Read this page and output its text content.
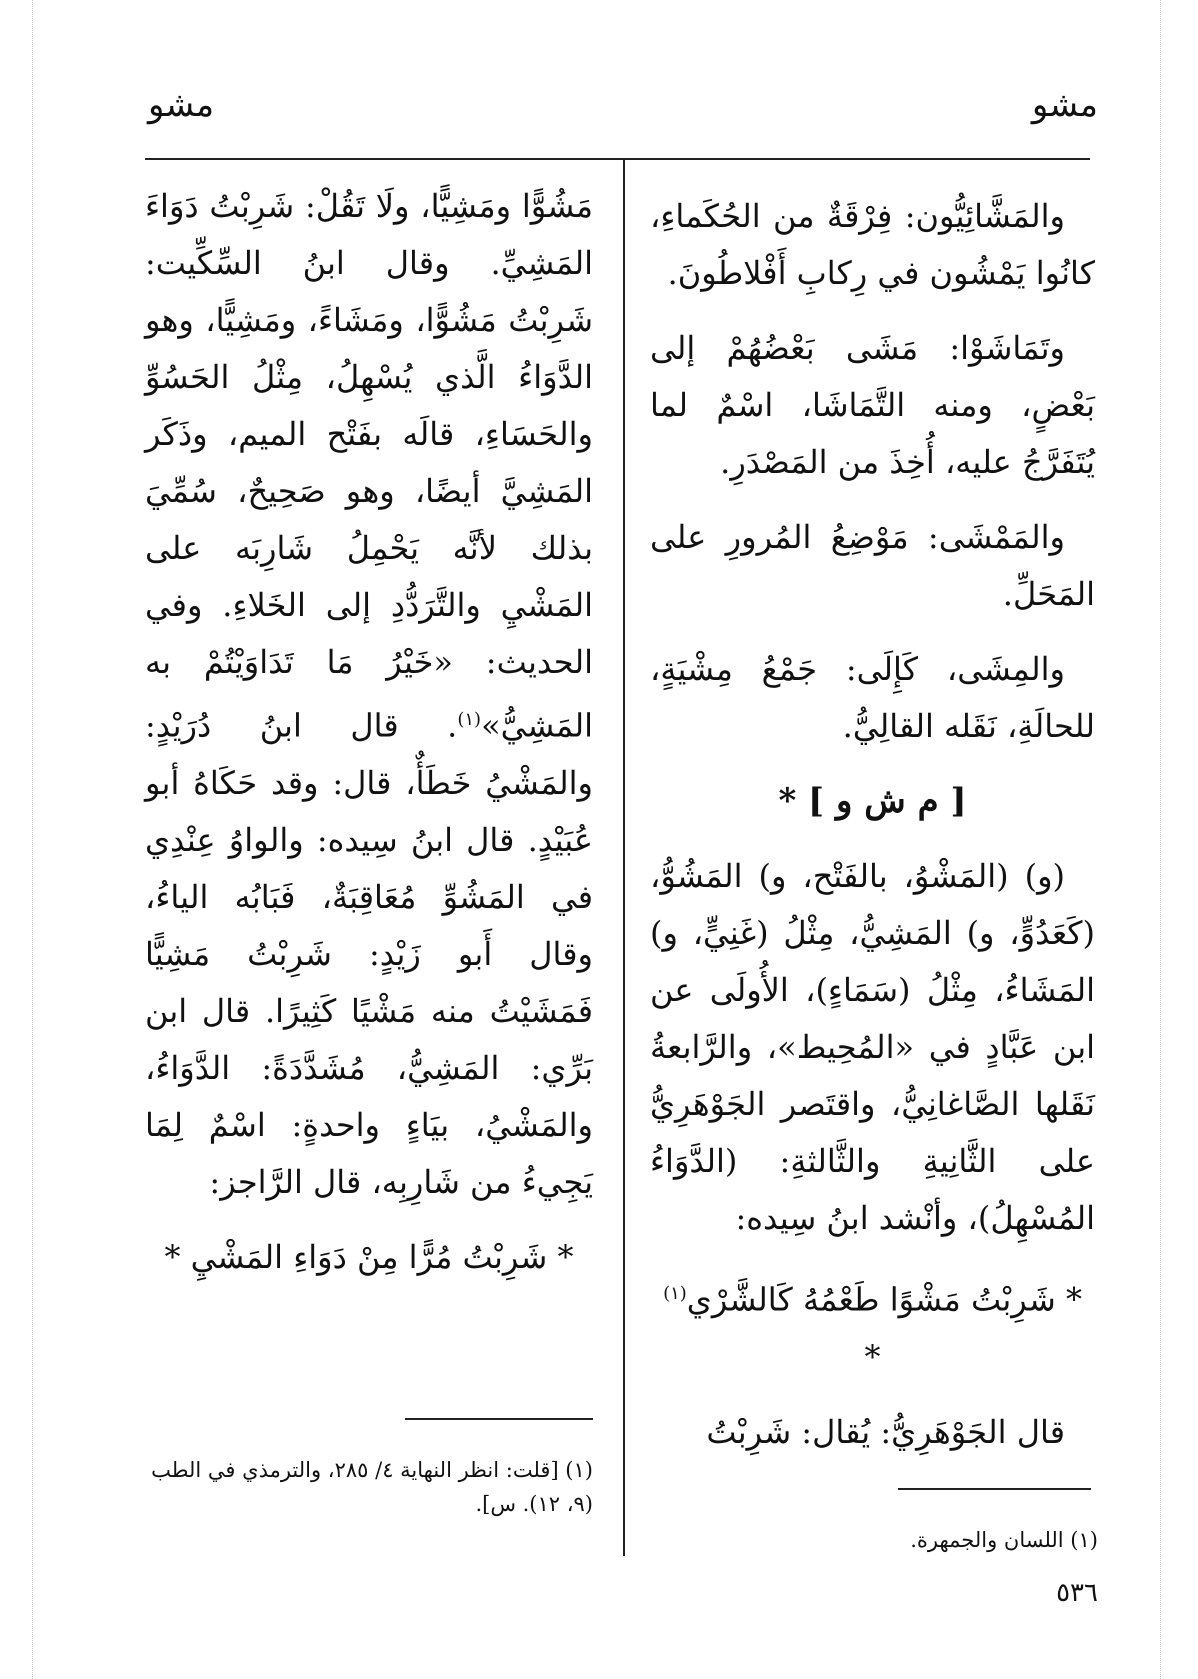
مشو
مشو

والمَشَّائِيُّون: فِرْقَةٌ من الحُكَماءِ، كانُوا يَمْشُون في رِكابِ أَفْلاطُونَ.

وتَمَاشَوْا: مَشَى بَعْضُهُمْ إلى بَعْضٍ، ومنه التَّمَاشَا، اسْمٌ لما يُتَفَرَّجُ عليه، أُخِذَ من المَصْدَرِ.

والمَمْشَى: مَوْضِعُ المُرورِ على المَحَلِّ.

والمِشَى، كَإِلَى: جَمْعُ مِشْيَةٍ، للحالَةِ، نَقَله القالِيُّ.

[ م ش و ] *

(و) (المَشْوُ، بالفَتْح، و) المَشُوُّ، (كَعَدُوٍّ، و) المَشِيُّ، مِثْلُ (غَنِيٍّ، و) المَشَاءُ، مِثْلُ (سَمَاءٍ)، الأُولَى عن ابن عَبَّادٍ في «المُحِيط»، والرَّابعةُ نَقَلها الصَّاغانِيُّ، واقتَصر الجَوْهَرِيُّ على الثَّانِيةِ والثَّالثةِ: (الدَّوَاءُ المُسْهِلُ)، وأنْشد ابنُ سِيده:

* شَرِبْتُ مَشْوًا طَعْمُهُ كَالشَّرْي$^{(١)}$ *

قال الجَوْهَرِيُّ: يُقال: شَرِبْتُ

مَشُوًّا ومَشِيًّا، ولَا تَقُلْ: شَرِبْتُ دَوَاءَ المَشِيِّ. وقال ابنُ السِّكِّيت: شَرِبْتُ مَشُوًّا، ومَشَاءً، ومَشِيًّا، وهو الدَّوَاءُ الَّذي يُسْهِلُ، مِثْلُ الحَسُوِّ والحَسَاءِ، قالَه بفَتْح الميم، وذَكَر المَشِيَّ أيضًا، وهو صَحِيحٌ، سُمِّيَ بذلك لأنَّه يَحْمِلُ شَارِبَه على المَشْيِ والتَّرَدُّدِ إلى الخَلاءِ. وفي الحديث: «خَيْرُ مَا تَدَاوَيْتُمْ به المَشِيُّ»$^{(١)}$. قال ابنُ دُرَيْدٍ: والمَشْيُ خَطَأٌ، قال: وقد حَكَاهُ أبو عُبَيْدٍ. قال ابنُ سِيده: والواوُ عِنْدِي في المَشُوِّ مُعَاقِبَةٌ، فَبَابُه الياءُ، وقال أَبو زَيْدٍ: شَرِبْتُ مَشِيًّا فَمَشَيْتُ منه مَشْيًا كَثِيرًا. قال ابن بَرِّي: المَشِيُّ، مُشَدَّدَةً: الدَّوَاءُ، والمَشْيُ، بيَاءٍ واحدةٍ: اسْمٌ لِمَا يَجِيءُ من شَارِبِه، قال الرَّاجز:

* شَرِبْتُ مُرًّا مِنْ دَوَاءِ المَشْيِ *

(١) اللسان والجمهرة.
(١) [قلت: انظر النهاية ٤/ ٢٨٥، والترمذي في الطب (٩، ١٢). س].
٥٣٦
